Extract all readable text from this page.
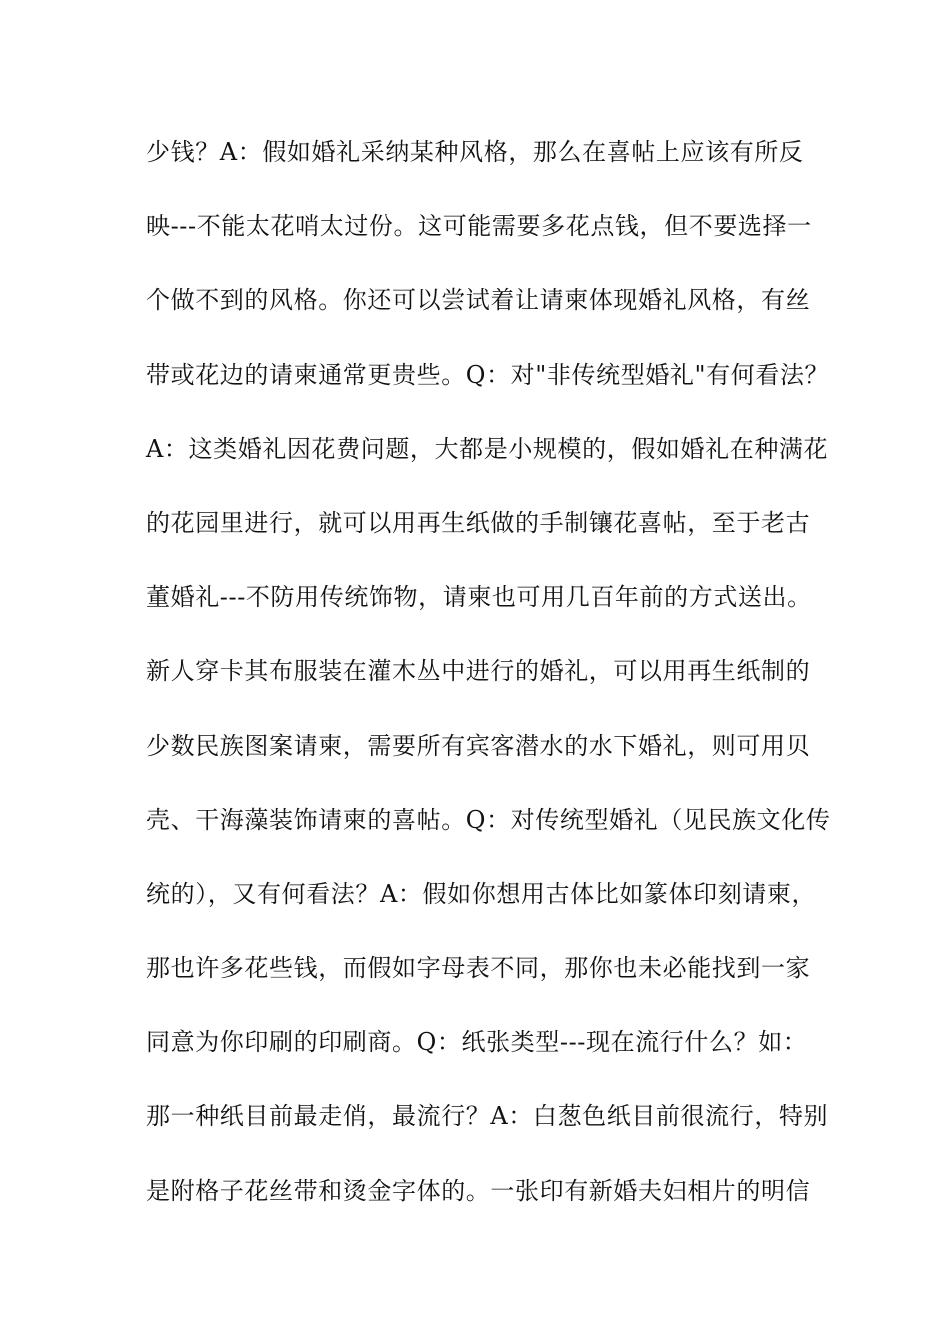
少钱？A：假如婚礼采纳某种风格，那么在喜帖上应该有所反
映---不能太花哨太过份。这可能需要多花点钱，但不要选择一
个做不到的风格。你还可以尝试着让请柬体现婚礼风格，有丝
带或花边的请柬通常更贵些。Q：对"非传统型婚礼"有何看法？
A：这类婚礼因花费问题，大都是小规模的，假如婚礼在种满花
的花园里进行，就可以用再生纸做的手制镶花喜帖，至于老古
董婚礼---不防用传统饰物，请柬也可用几百年前的方式送出。
新人穿卡其布服装在灌木丛中进行的婚礼，可以用再生纸制的
少数民族图案请柬，需要所有宾客潜水的水下婚礼，则可用贝
壳、干海藻装饰请柬的喜帖。Q：对传统型婚礼（见民族文化传
统的），又有何看法？A：假如你想用古体比如篆体印刻请柬，
那也许多花些钱，而假如字母表不同，那你也未必能找到一家
同意为你印刷的印刷商。Q：纸张类型---现在流行什么？如：
那一种纸目前最走俏，最流行？A：白葱色纸目前很流行，特别
是附格子花丝带和烫金字体的。一张印有新婚夫妇相片的明信
